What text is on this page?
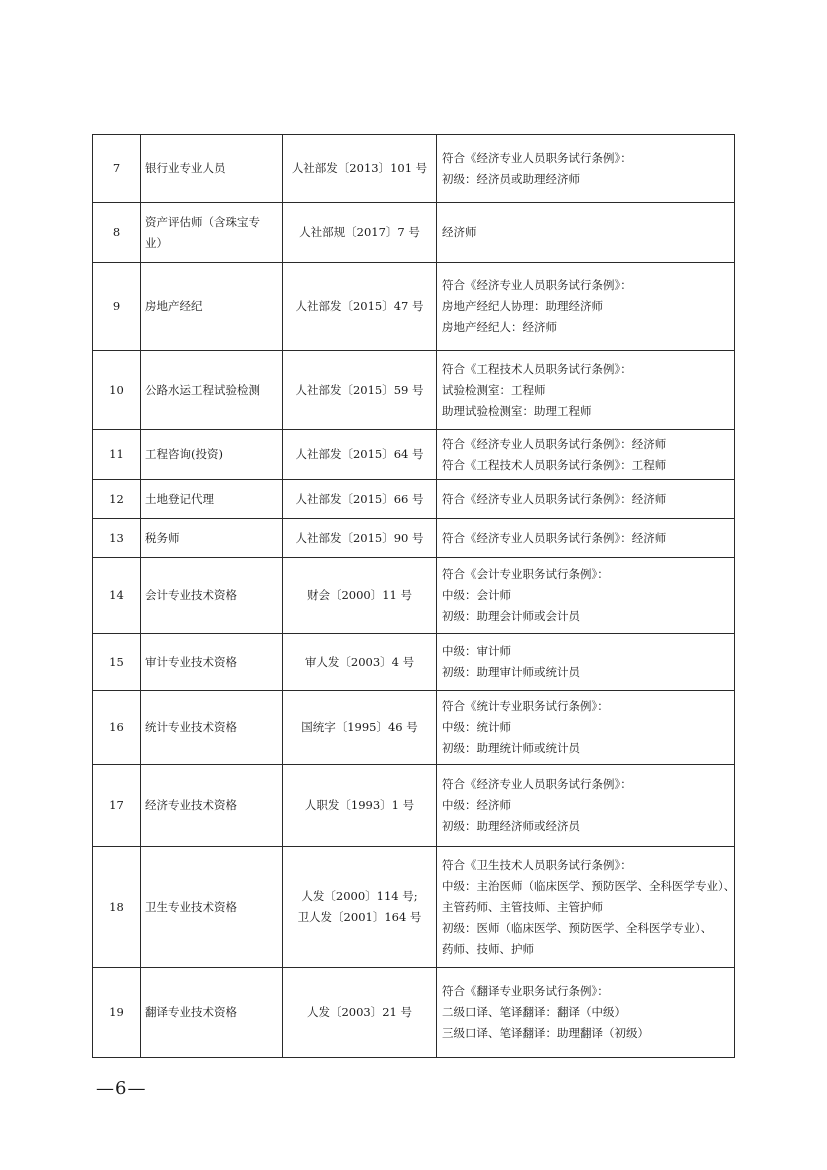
7	银行业专业人员	人社部发〔2013〕101 号	符合《经济专业人员职务试行条例》：
初级：经济员或助理经济师

8	资产评估师（含珠宝专业）	人社部规〔2017〕7 号	经济师

9	房地产经纪	人社部发〔2015〕47 号	符合《经济专业人员职务试行条例》：
房地产经纪人协理：助理经济师
房地产经纪人：经济师

10	公路水运工程试验检测	人社部发〔2015〕59 号	符合《工程技术人员职务试行条例》：
试验检测室：工程师
助理试验检测室：助理工程师

11	工程咨询(投资)	人社部发〔2015〕64 号	符合《经济专业人员职务试行条例》：经济师
符合《工程技术人员职务试行条例》：工程师

12	土地登记代理	人社部发〔2015〕66 号	符合《经济专业人员职务试行条例》：经济师

13	税务师	人社部发〔2015〕90 号	符合《经济专业人员职务试行条例》：经济师

14	会计专业技术资格	财会〔2000〕11 号	符合《会计专业职务试行条例》：
中级：会计师
初级：助理会计师或会计员

15	审计专业技术资格	审人发〔2003〕4 号	中级：审计师
初级：助理审计师或统计员

16	统计专业技术资格	国统字〔1995〕46 号	符合《统计专业职务试行条例》：
中级：统计师
初级：助理统计师或统计员

17	经济专业技术资格	人职发〔1993〕1 号	符合《经济专业人员职务试行条例》：
中级：经济师
初级：助理经济师或经济员

18	卫生专业技术资格	人发〔2000〕114 号;
卫人发〔2001〕164 号	符合《卫生技术人员职务试行条例》：
中级：主治医师（临床医学、预防医学、全科医学专业）、
主管药师、主管技师、主管护师
初级：医师（临床医学、预防医学、全科医学专业）、
药师、技师、护师

19	翻译专业技术资格	人发〔2003〕21 号	符合《翻译专业职务试行条例》：
二级口译、笔译翻译：翻译（中级）
三级口译、笔译翻译：助理翻译（初级）
—6—
